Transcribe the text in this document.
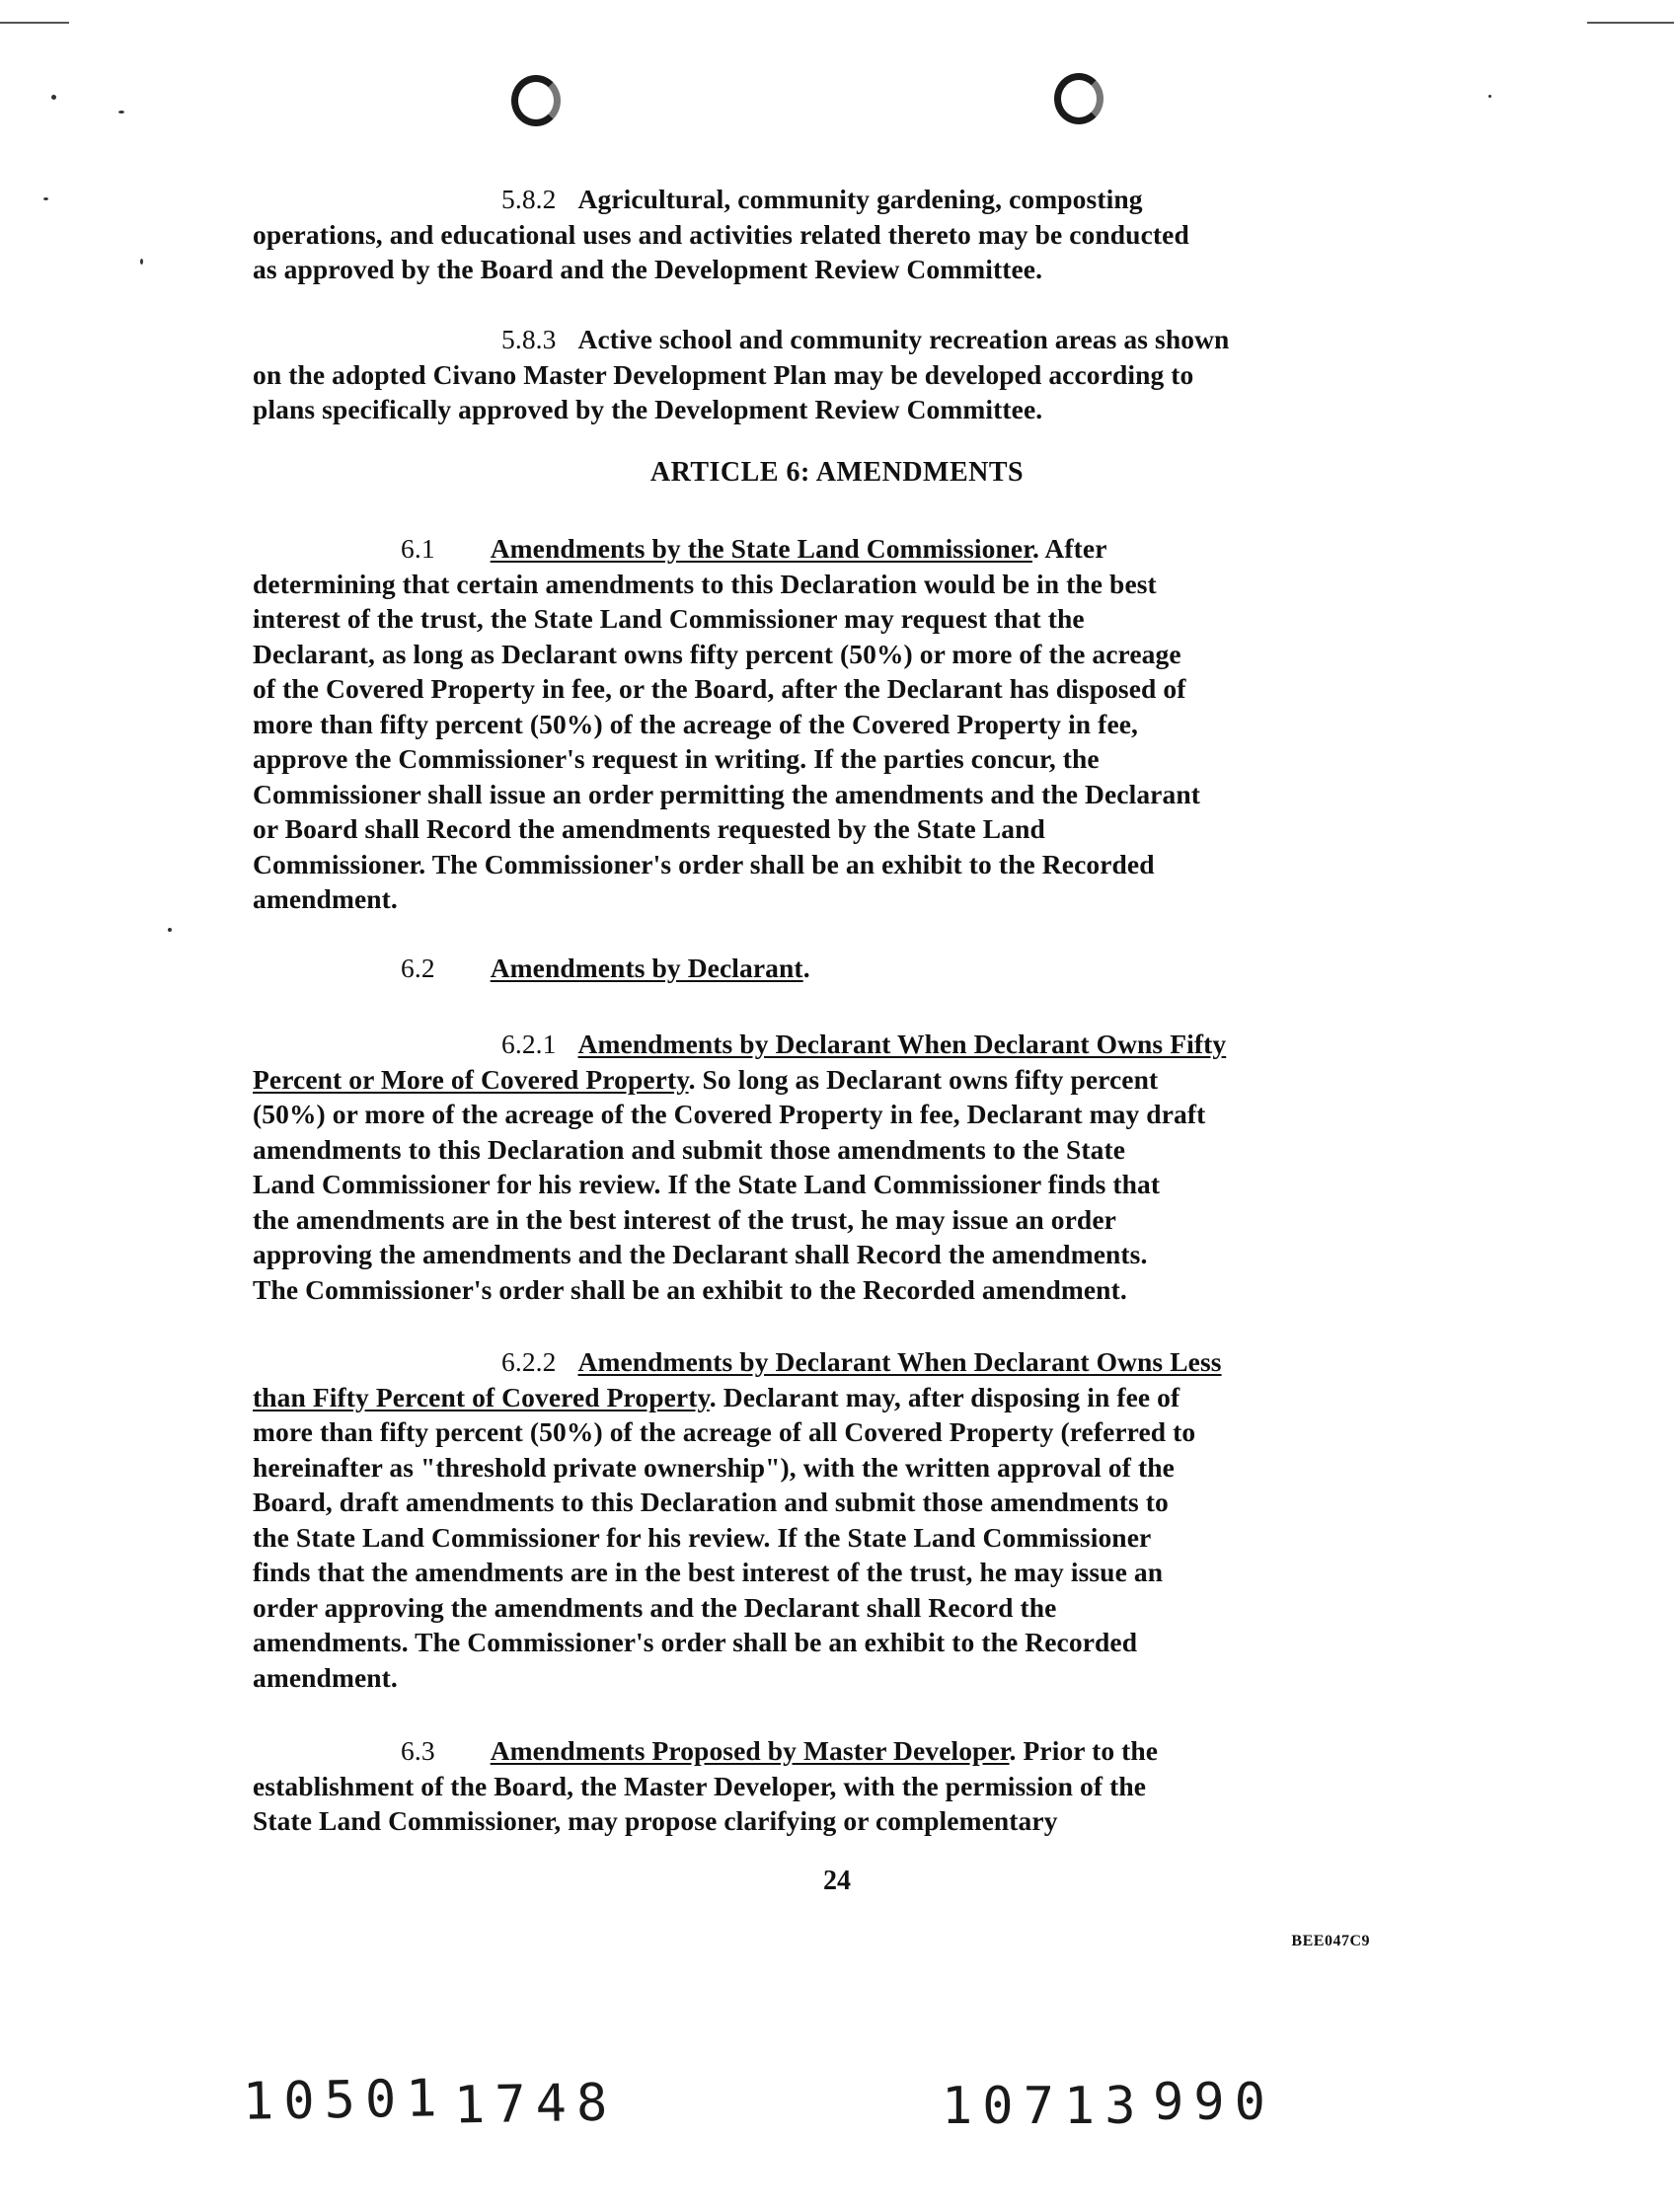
5.8.2 Agricultural, community gardening, composting
operations, and educational uses and activities related thereto may be conducted
as approved by the Board and the Development Review Committee.
5.8.3 Active school and community recreation areas as shown
on the adopted Civano Master Development Plan may be developed according to
plans specifically approved by the Development Review Committee.
ARTICLE 6: AMENDMENTS
6.1 Amendments by the State Land Commissioner. After
determining that certain amendments to this Declaration would be in the best
interest of the trust, the State Land Commissioner may request that the
Declarant, as long as Declarant owns fifty percent (50%) or more of the acreage
of the Covered Property in fee, or the Board, after the Declarant has disposed of
more than fifty percent (50%) of the acreage of the Covered Property in fee,
approve the Commissioner's request in writing. If the parties concur, the
Commissioner shall issue an order permitting the amendments and the Declarant
or Board shall Record the amendments requested by the State Land
Commissioner. The Commissioner's order shall be an exhibit to the Recorded
amendment.
6.2 Amendments by Declarant.
6.2.1 Amendments by Declarant When Declarant Owns Fifty
Percent or More of Covered Property. So long as Declarant owns fifty percent
(50%) or more of the acreage of the Covered Property in fee, Declarant may draft
amendments to this Declaration and submit those amendments to the State
Land Commissioner for his review. If the State Land Commissioner finds that
the amendments are in the best interest of the trust, he may issue an order
approving the amendments and the Declarant shall Record the amendments.
The Commissioner's order shall be an exhibit to the Recorded amendment.
6.2.2 Amendments by Declarant When Declarant Owns Less
than Fifty Percent of Covered Property. Declarant may, after disposing in fee of
more than fifty percent (50%) of the acreage of all Covered Property (referred to
hereinafter as "threshold private ownership"), with the written approval of the
Board, draft amendments to this Declaration and submit those amendments to
the State Land Commissioner for his review. If the State Land Commissioner
finds that the amendments are in the best interest of the trust, he may issue an
order approving the amendments and the Declarant shall Record the
amendments. The Commissioner's order shall be an exhibit to the Recorded
amendment.
6.3 Amendments Proposed by Master Developer. Prior to the
establishment of the Board, the Master Developer, with the permission of the
State Land Commissioner, may propose clarifying or complementary
24
BEE047C9
10501 1748	10713 990
